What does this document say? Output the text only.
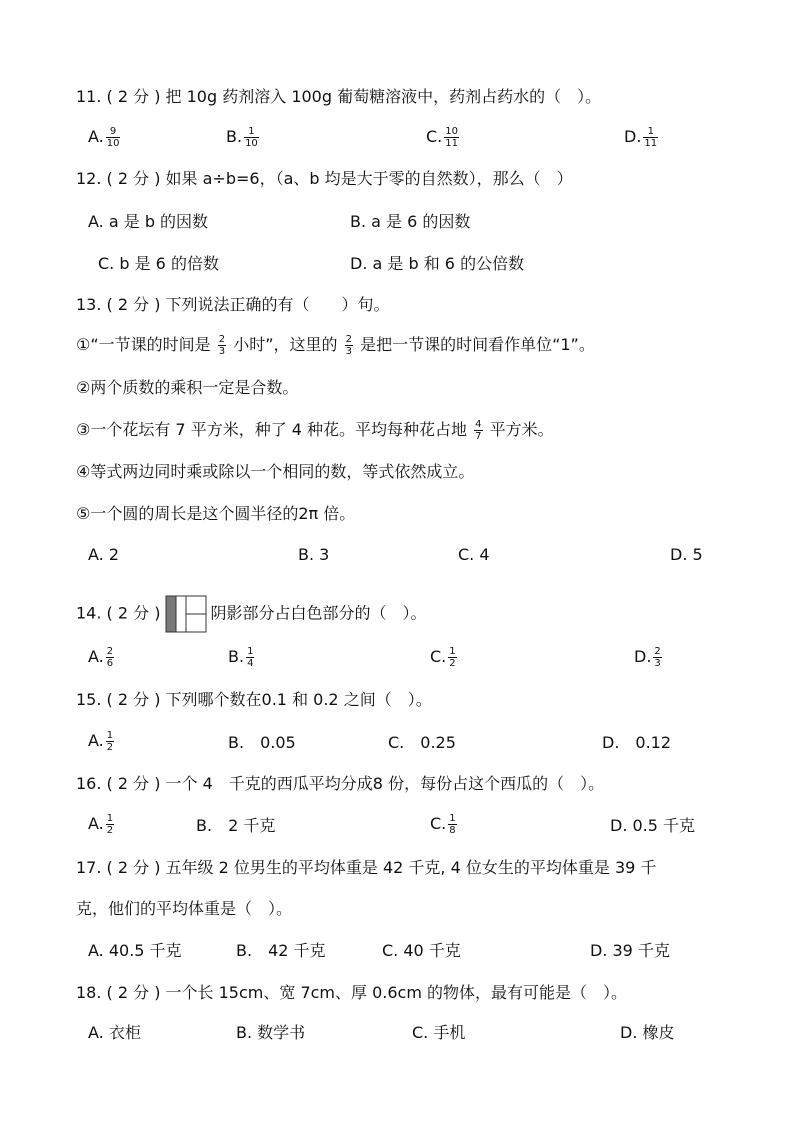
11. ( 2 分 ) 把 10g 药剂溶入 100g 葡萄糖溶液中，药剂占药水的（　）。
A. $\frac{9}{10}$	B. $\frac{1}{10}$	C. $\frac{10}{11}$	D. $\frac{1}{11}$
12. ( 2 分 ) 如果 a÷b=6，（a、b 均是大于零的自然数），那么（　）
A. a 是 b 的因数	B. a 是 6 的因数
C. b 是 6 的倍数	D. a 是 b 和 6 的公倍数
13. ( 2 分 ) 下列说法正确的有（　　）句。
①“一节课的时间是 $\frac{2}{3}$ 小时”，这里的 $\frac{2}{3}$ 是把一节课的时间看作单位“1”。
②两个质数的乘积一定是合数。
③一个花坛有 7 平方米，种了 4 种花。平均每种花占地 $\frac{4}{7}$ 平方米。
④等式两边同时乘或除以一个相同的数，等式依然成立。
⑤一个圆的周长是这个圆半径的2π 倍。
A. 2	B. 3	C. 4	D. 5
14. ( 2 分 )	阴影部分占白色部分的（　）。
A. $\frac{2}{6}$	B. $\frac{1}{4}$	C. $\frac{1}{2}$	D. $\frac{2}{3}$
15. ( 2 分 ) 下列哪个数在0.1 和 0.2 之间（　）。
A. $\frac{1}{2}$	B.　0.05	C.　0.25	D.　0.12
16. ( 2 分 ) 一个 4　千克的西瓜平均分成8 份，每份占这个西瓜的（　）。
A. $\frac{1}{2}$	B.　2 千克	C. $\frac{1}{8}$	D. 0.5 千克
17. ( 2 分 ) 五年级 2 位男生的平均体重是 42 千克, 4 位女生的平均体重是 39 千
克，他们的平均体重是（　）。
A. 40.5 千克	B.　42 千克	C. 40 千克	D. 39 千克
18. ( 2 分 ) 一个长 15cm、宽 7cm、厚 0.6cm 的物体，最有可能是（　）。
A. 衣柜	B. 数学书	C. 手机	D. 橡皮
